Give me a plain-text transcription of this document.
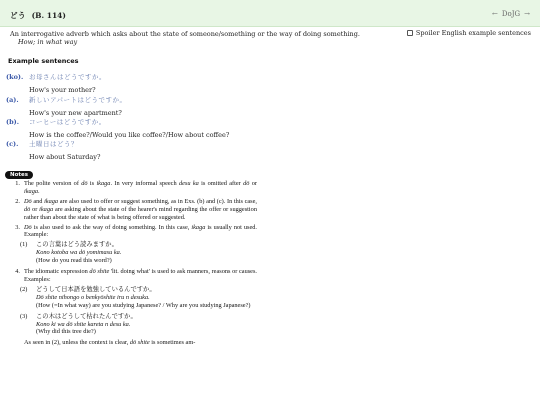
どう (B. 114)	← DoJG →
An interrogative adverb which asks about the state of someone/something or the way of doing something.
How; in what way
Spoiler English example sentences
Example sentences
(ko). お母さんはどうですか。
How's your mother?
(a). 新しいアパートはどうですか。
How's your new apartment?
(b). コーヒーはどうですか。
How is the coffee?/Would you like coffee?/How about coffee?
(c). 土曜日はどう？
How about Saturday?
Notes
1. The polite version of dō is ikaga. In very informal speech desu ka is omitted after dō or ikaga.
2. Dō and ikaga are also used to offer or suggest something, as in Exs. (b) and (c). In this case, dō or ikaga are asking about the state of the hearer's mind regarding the offer or suggestion rather than about the state of what is being offered or suggested.
3. Dō is also used to ask the way of doing something. In this case, ikaga is usually not used. Example:
(1)	この言葉はどう読みますか。
Kono kotoba wa dō yomimasu ka.
(How do you read this word?)
4. The idiomatic expression dō shite 'lit. doing what' is used to ask manners, reasons or causes. Examples:
(2)	どうして日本語を勉強しているんですか。
Dō shite nihongo o benkyōshite iru n desuka.
(How (=In what way) are you studying Japanese? / Why are you studying Japanese?)
(3)	この木はどうして枯れたんですか。
Kono ki wa dō shite kareta n desu ka.
(Why did this tree die?)
As seen in (2), unless the context is clear, dō shite is sometimes am-
